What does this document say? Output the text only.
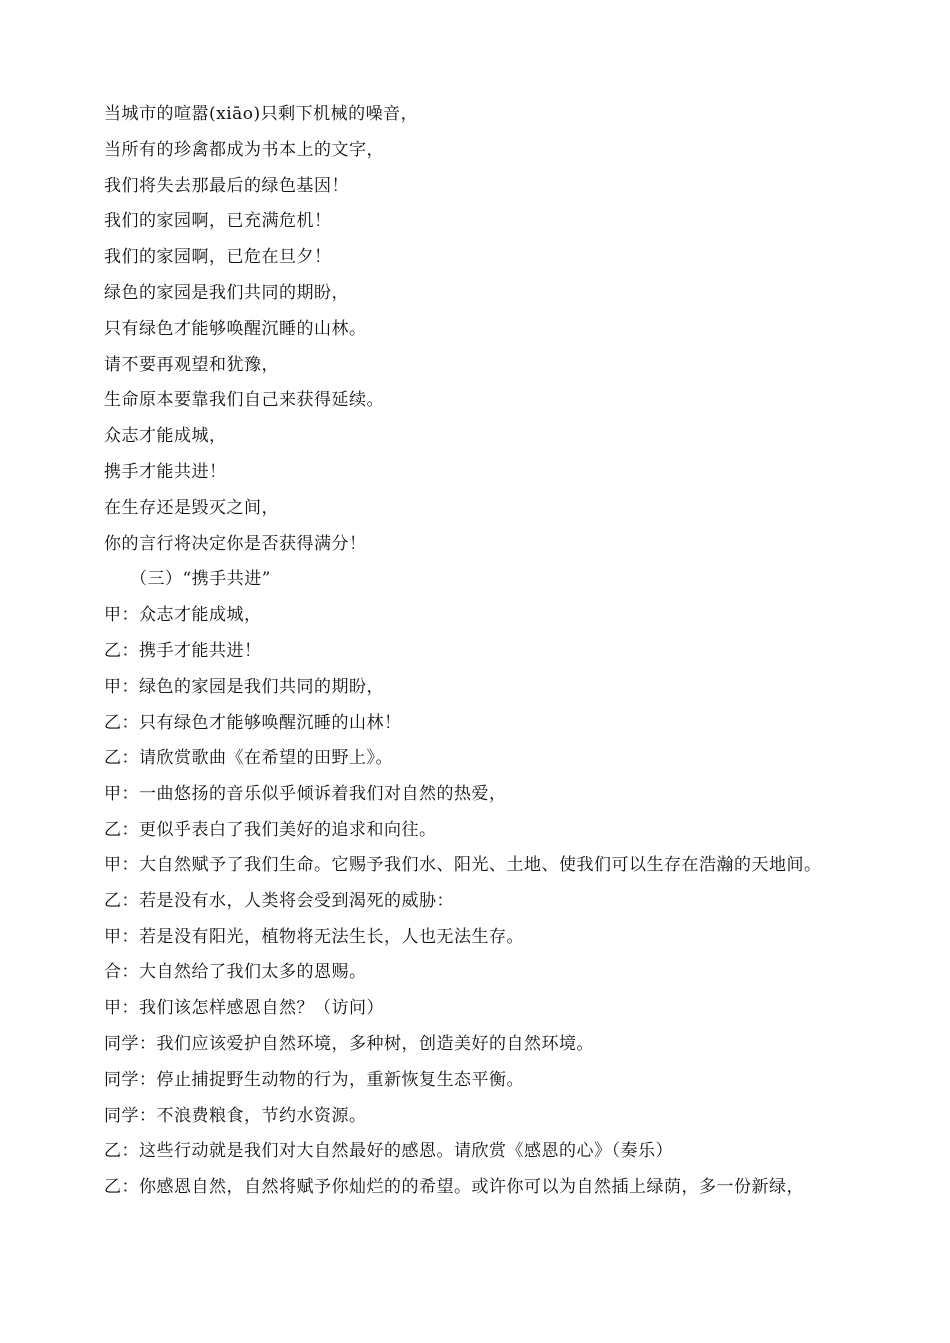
当城市的喧嚣(xiāo)只剩下机械的噪音，
当所有的珍禽都成为书本上的文字，
我们将失去那最后的绿色基因！
我们的家园啊，已充满危机！
我们的家园啊，已危在旦夕！
绿色的家园是我们共同的期盼，
只有绿色才能够唤醒沉睡的山林。
请不要再观望和犹豫，
生命原本要靠我们自己来获得延续。
众志才能成城，
携手才能共进！
在生存还是毁灭之间，
你的言行将决定你是否获得满分！
（三）“携手共进”
甲：众志才能成城，
乙：携手才能共进！
甲：绿色的家园是我们共同的期盼，
乙：只有绿色才能够唤醒沉睡的山林！
乙：请欣赏歌曲《在希望的田野上》。
甲：一曲悠扬的音乐似乎倾诉着我们对自然的热爱，
乙：更似乎表白了我们美好的追求和向往。
甲：大自然赋予了我们生命。它赐予我们水、阳光、土地、使我们可以生存在浩瀚的天地间。
乙：若是没有水，人类将会受到渴死的威胁：
甲：若是没有阳光，植物将无法生长，人也无法生存。
合：大自然给了我们太多的恩赐。
甲：我们该怎样感恩自然？（访问）
同学：我们应该爱护自然环境，多种树，创造美好的自然环境。
同学：停止捕捉野生动物的行为，重新恢复生态平衡。
同学：不浪费粮食，节约水资源。
乙：这些行动就是我们对大自然最好的感恩。请欣赏《感恩的心》（奏乐）
乙：你感恩自然，自然将赋予你灿烂的的希望。或许你可以为自然插上绿荫，多一份新绿，
